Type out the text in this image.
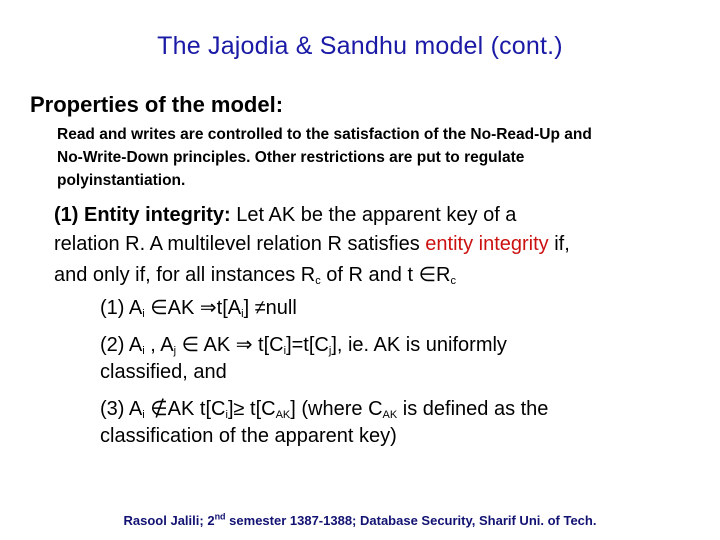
The Jajodia & Sandhu model (cont.)
Properties of the model:
Read and writes are controlled to the satisfaction of the No-Read-Up and
No-Write-Down principles. Other restrictions are put to regulate
polyinstantiation.
(1) Entity integrity: Let AK be the apparent key of a
relation R. A multilevel relation R satisfies entity integrity if,
and only if, for all instances $R_c$ of R and t $\in R_c$
(1) $A_i$ ∈AK $\Rightarrow t[A_i]$ ≠null
(2) $A_i$ , $A_j$ ∈ AK ⇒ $t[C_i]=t[C_j]$, ie. AK is uniformly
classified, and
(3) $A_i$ ∉AK $t[C_i]\ge t[C_{AK}]$ (where $C_{AK}$ is defined as the
classification of the apparent key)
Rasool Jalili; 2nd semester 1387-1388; Database Security, Sharif Uni. of Tech.
